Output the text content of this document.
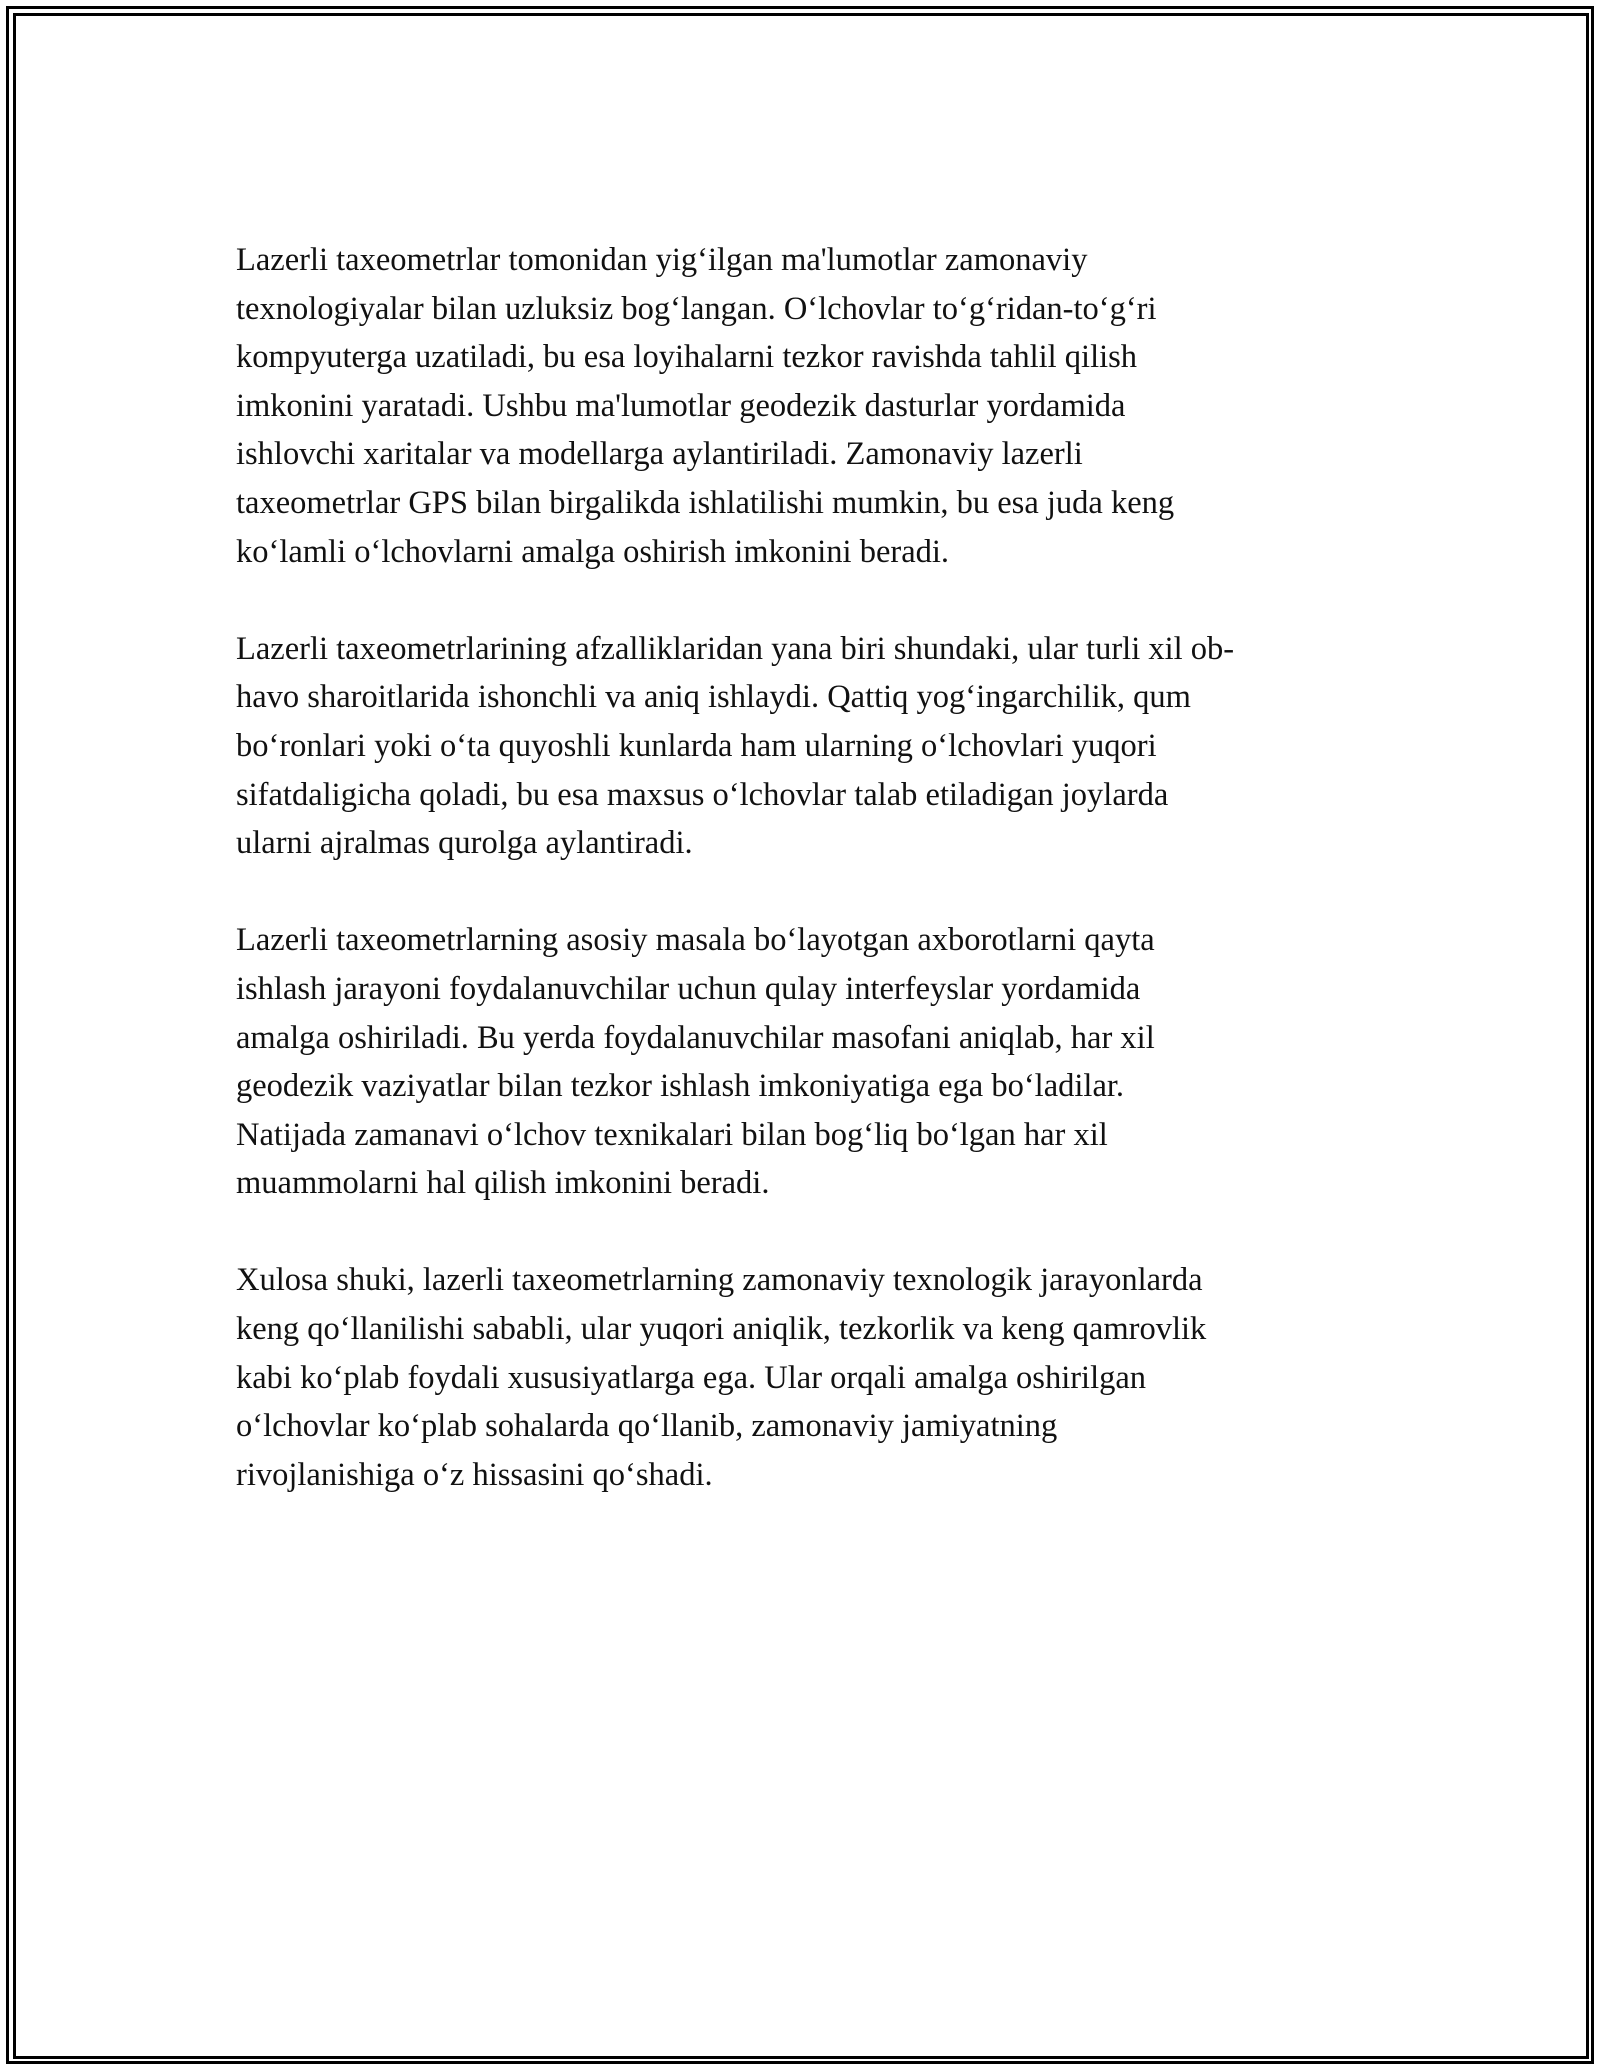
Lazerli taxeometrlar tomonidan yig‘ilgan ma'lumotlar zamonaviy
texnologiyalar bilan uzluksiz bog‘langan. O‘lchovlar to‘g‘ridan-to‘g‘ri
kompyuterga uzatiladi, bu esa loyihalarni tezkor ravishda tahlil qilish
imkonini yaratadi. Ushbu ma'lumotlar geodezik dasturlar yordamida
ishlovchi xaritalar va modellarga aylantiriladi. Zamonaviy lazerli
taxeometrlar GPS bilan birgalikda ishlatilishi mumkin, bu esa juda keng
ko‘lamli o‘lchovlarni amalga oshirish imkonini beradi.

Lazerli taxeometrlarining afzalliklaridan yana biri shundaki, ular turli xil ob-
havo sharoitlarida ishonchli va aniq ishlaydi. Qattiq yog‘ingarchilik, qum
bo‘ronlari yoki o‘ta quyoshli kunlarda ham ularning o‘lchovlari yuqori
sifatdaligicha qoladi, bu esa maxsus o‘lchovlar talab etiladigan joylarda
ularni ajralmas qurolga aylantiradi.

Lazerli taxeometrlarning asosiy masala bo‘layotgan axborotlarni qayta
ishlash jarayoni foydalanuvchilar uchun qulay interfeyslar yordamida
amalga oshiriladi. Bu yerda foydalanuvchilar masofani aniqlab, har xil
geodezik vaziyatlar bilan tezkor ishlash imkoniyatiga ega bo‘ladilar.
Natijada zamanavi o‘lchov texnikalari bilan bog‘liq bo‘lgan har xil
muammolarni hal qilish imkonini beradi.

Xulosa shuki, lazerli taxeometrlarning zamonaviy texnologik jarayonlarda
keng qo‘llanilishi sababli, ular yuqori aniqlik, tezkorlik va keng qamrovlik
kabi ko‘plab foydali xususiyatlarga ega. Ular orqali amalga oshirilgan
o‘lchovlar ko‘plab sohalarda qo‘llanib, zamonaviy jamiyatning
rivojlanishiga o‘z hissasini qo‘shadi.
